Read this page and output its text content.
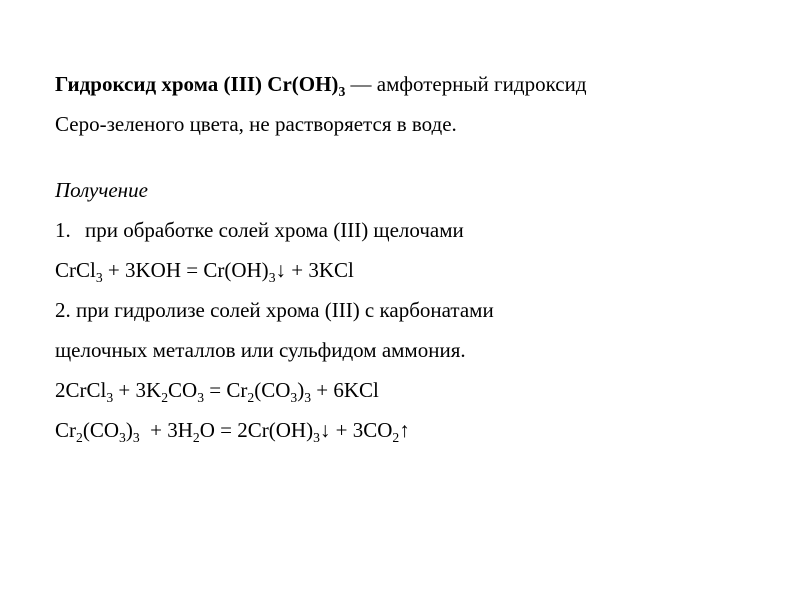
Гидроксид хрома (III) $Cr(OH)_3$ — амфотерный гидроксид
Серо-зеленого цвета, не растворяется в воде.
Получение
1. при обработке солей хрома (III) щелочами
CrCl$_3$ + $3KOH = Cr(OH)_3↓ + 3KCl$
2. при гидролизе солей хрома (III) с карбонатами
щелочных металлов или сульфидом аммония.
2CrCl$_3$ + $3K_2CO_3 = Cr_2(CO_3)_3 + 6KCl$
$Cr_2(CO_3)_3 + 3H_2O$ = $2Cr(OH)_3↓$ + $3CO_2↑$
